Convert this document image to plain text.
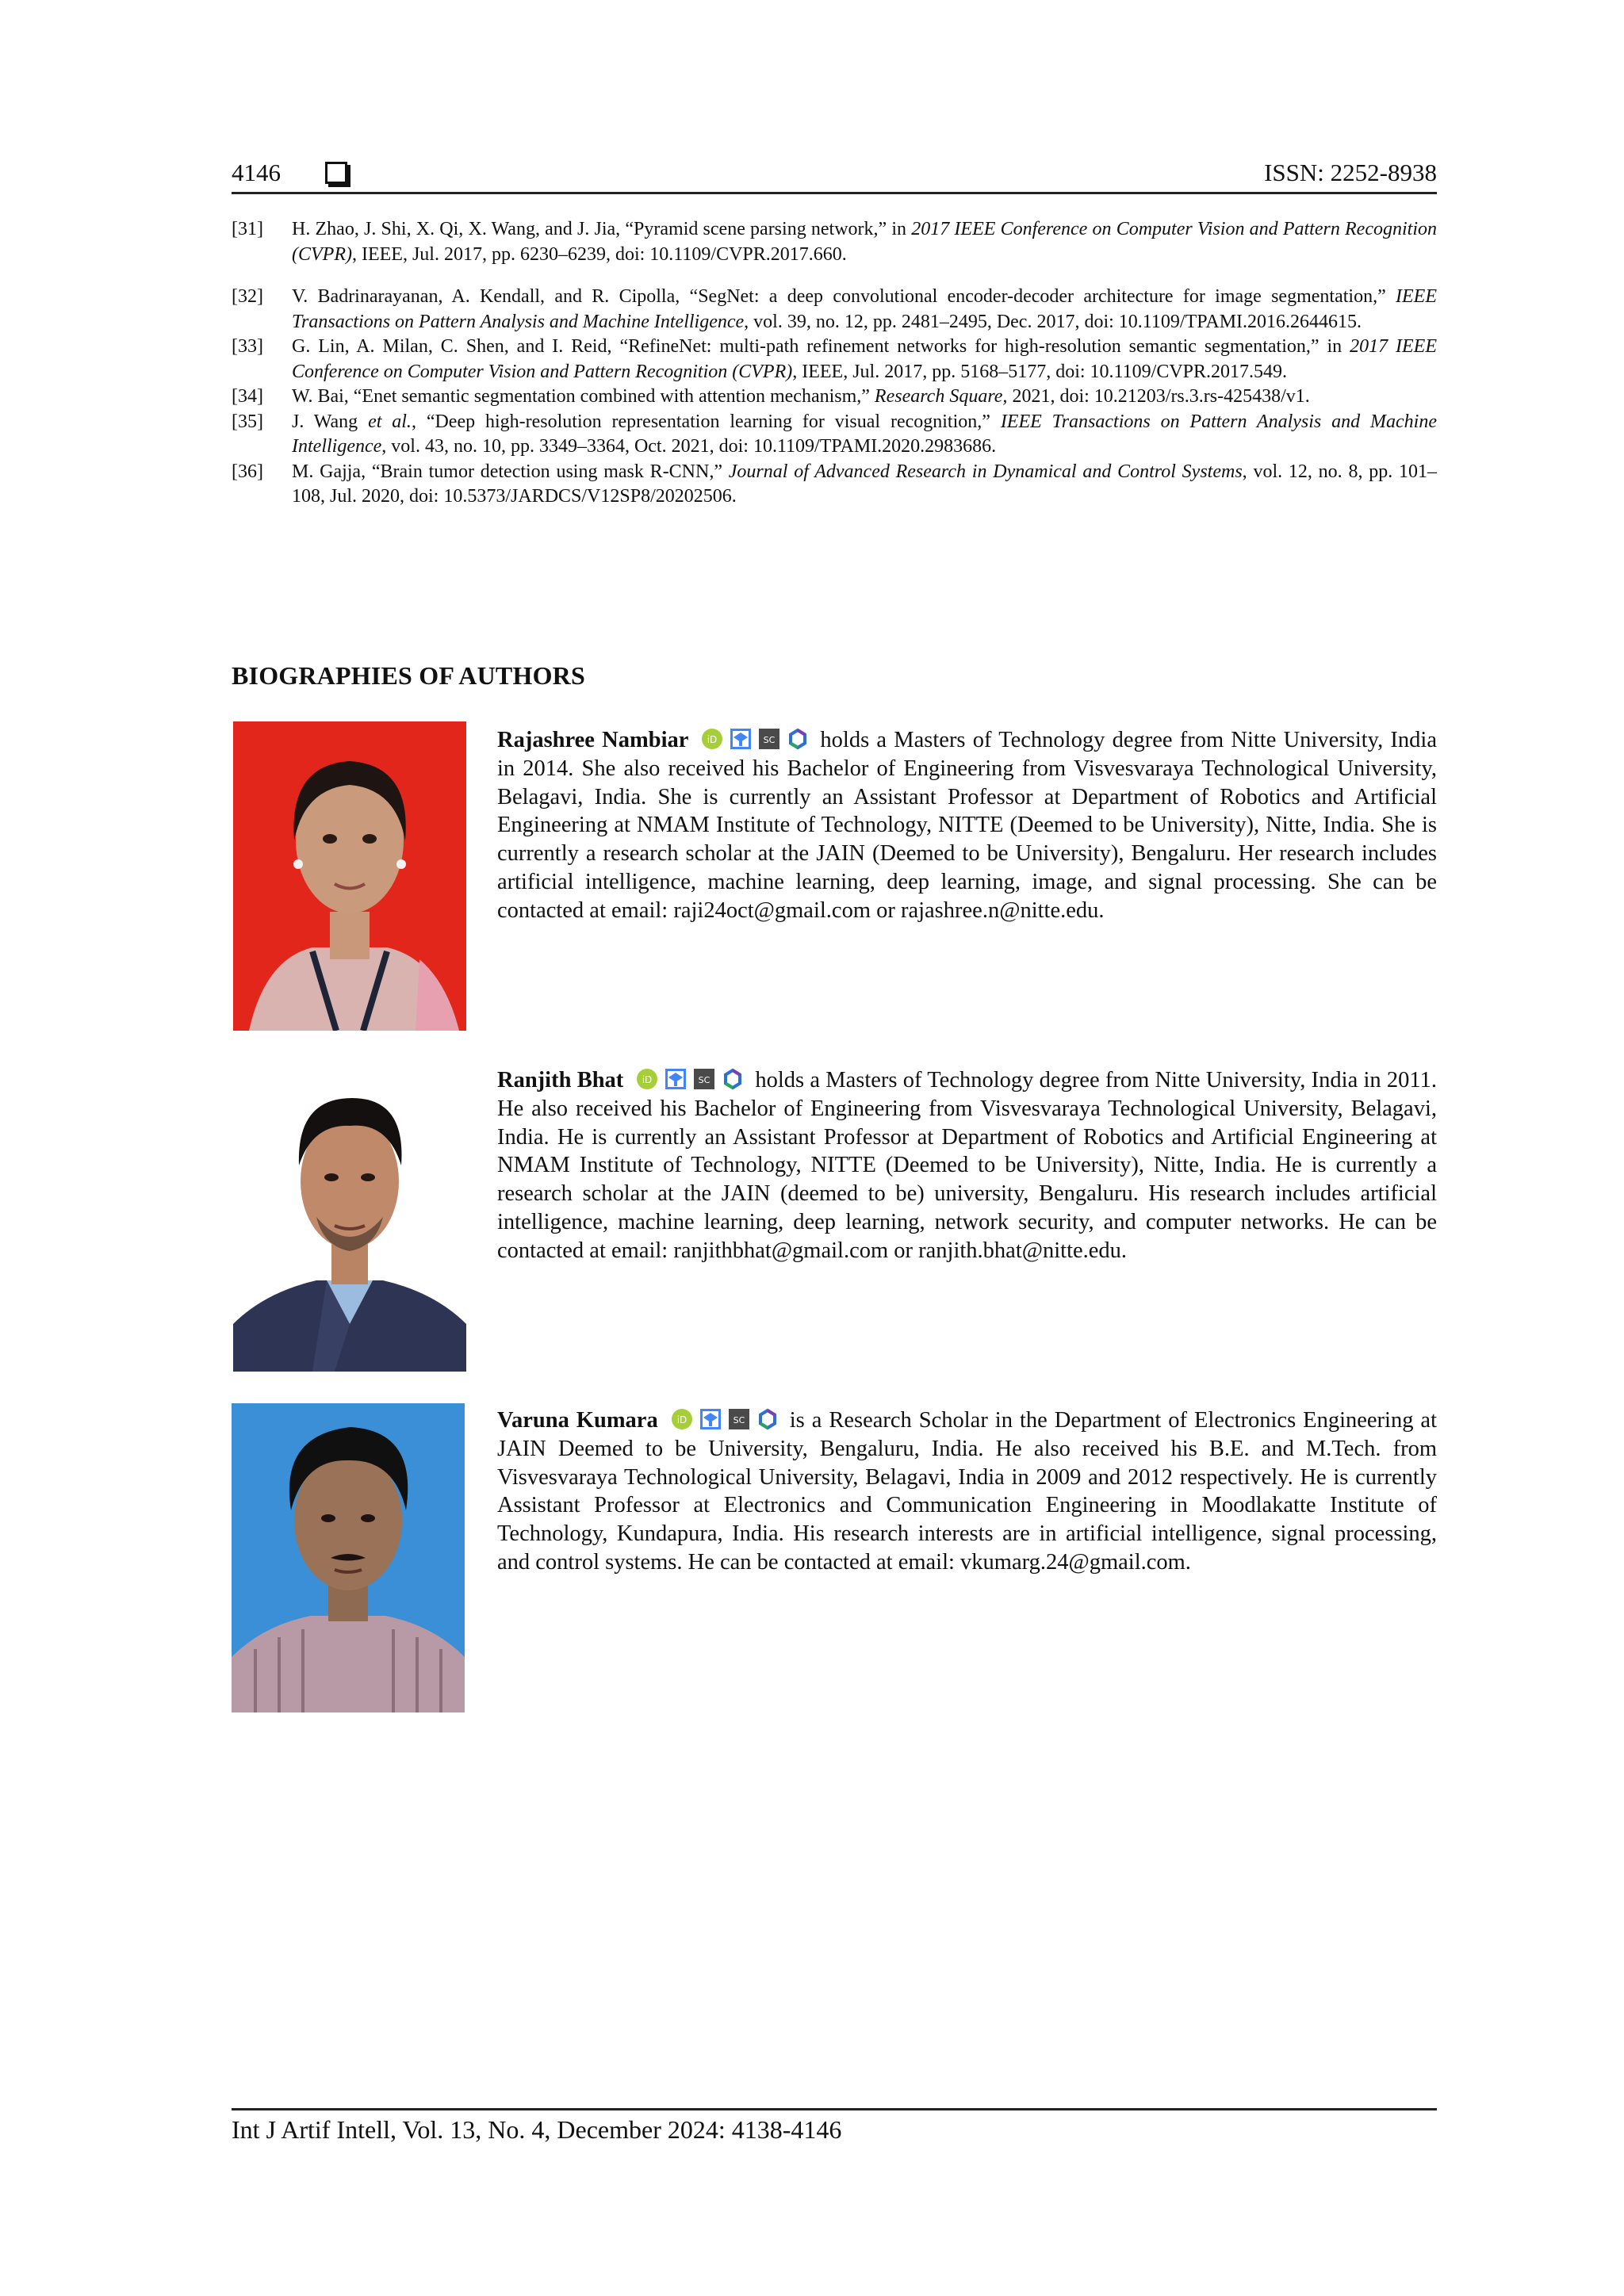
4146	ISSN: 2252-8938
[31]	H. Zhao, J. Shi, X. Qi, X. Wang, and J. Jia, “Pyramid scene parsing network,” in 2017 IEEE Conference on Computer Vision and Pattern Recognition (CVPR), IEEE, Jul. 2017, pp. 6230–6239, doi: 10.1109/CVPR.2017.660.
[32]	V. Badrinarayanan, A. Kendall, and R. Cipolla, “SegNet: a deep convolutional encoder-decoder architecture for image segmentation,” IEEE Transactions on Pattern Analysis and Machine Intelligence, vol. 39, no. 12, pp. 2481–2495, Dec. 2017, doi: 10.1109/TPAMI.2016.2644615.
[33]	G. Lin, A. Milan, C. Shen, and I. Reid, “RefineNet: multi-path refinement networks for high-resolution semantic segmentation,” in 2017 IEEE Conference on Computer Vision and Pattern Recognition (CVPR), IEEE, Jul. 2017, pp. 5168–5177, doi: 10.1109/CVPR.2017.549.
[34]	W. Bai, “Enet semantic segmentation combined with attention mechanism,” Research Square, 2021, doi: 10.21203/rs.3.rs-425438/v1.
[35]	J. Wang et al., “Deep high-resolution representation learning for visual recognition,” IEEE Transactions on Pattern Analysis and Machine Intelligence, vol. 43, no. 10, pp. 3349–3364, Oct. 2021, doi: 10.1109/TPAMI.2020.2983686.
[36]	M. Gajja, “Brain tumor detection using mask R-CNN,” Journal of Advanced Research in Dynamical and Control Systems, vol. 12, no. 8, pp. 101–108, Jul. 2020, doi: 10.5373/JARDCS/V12SP8/20202506.
BIOGRAPHIES OF AUTHORS
Rajashree Nambiar iD	SC holds a Masters of Technology degree from Nitte University, India in 2014. She also received his Bachelor of Engineering from Visvesvaraya Technological University, Belagavi, India. She is currently an Assistant Professor at Department of Robotics and Artificial Engineering at NMAM Institute of Technology, NITTE (Deemed to be University), Nitte, India. She is currently a research scholar at the JAIN (Deemed to be University), Bengaluru. Her research includes artificial intelligence, machine learning, deep learning, image, and signal processing. She can be contacted at email: raji24oct@gmail.com or rajashree.n@nitte.edu.
Ranjith Bhat iD	SC holds a Masters of Technology degree from Nitte University, India in 2011. He also received his Bachelor of Engineering from Visvesvaraya Technological University, Belagavi, India. He is currently an Assistant Professor at Department of Robotics and Artificial Engineering at NMAM Institute of Technology, NITTE (Deemed to be University), Nitte, India. He is currently a research scholar at the JAIN (deemed to be) university, Bengaluru. His research includes artificial intelligence, machine learning, deep learning, network security, and computer networks. He can be contacted at email: ranjithbhat@gmail.com or ranjith.bhat@nitte.edu.
Varuna Kumara iD	SC is a Research Scholar in the Department of Electronics Engineering at JAIN Deemed to be University, Bengaluru, India. He also received his B.E. and M.Tech. from Visvesvaraya Technological University, Belagavi, India in 2009 and 2012 respectively. He is currently Assistant Professor at Electronics and Communication Engineering in Moodlakatte Institute of Technology, Kundapura, India. His research interests are in artificial intelligence, signal processing, and control systems. He can be contacted at email: vkumarg.24@gmail.com.
Int J Artif Intell, Vol. 13, No. 4, December 2024: 4138-4146
